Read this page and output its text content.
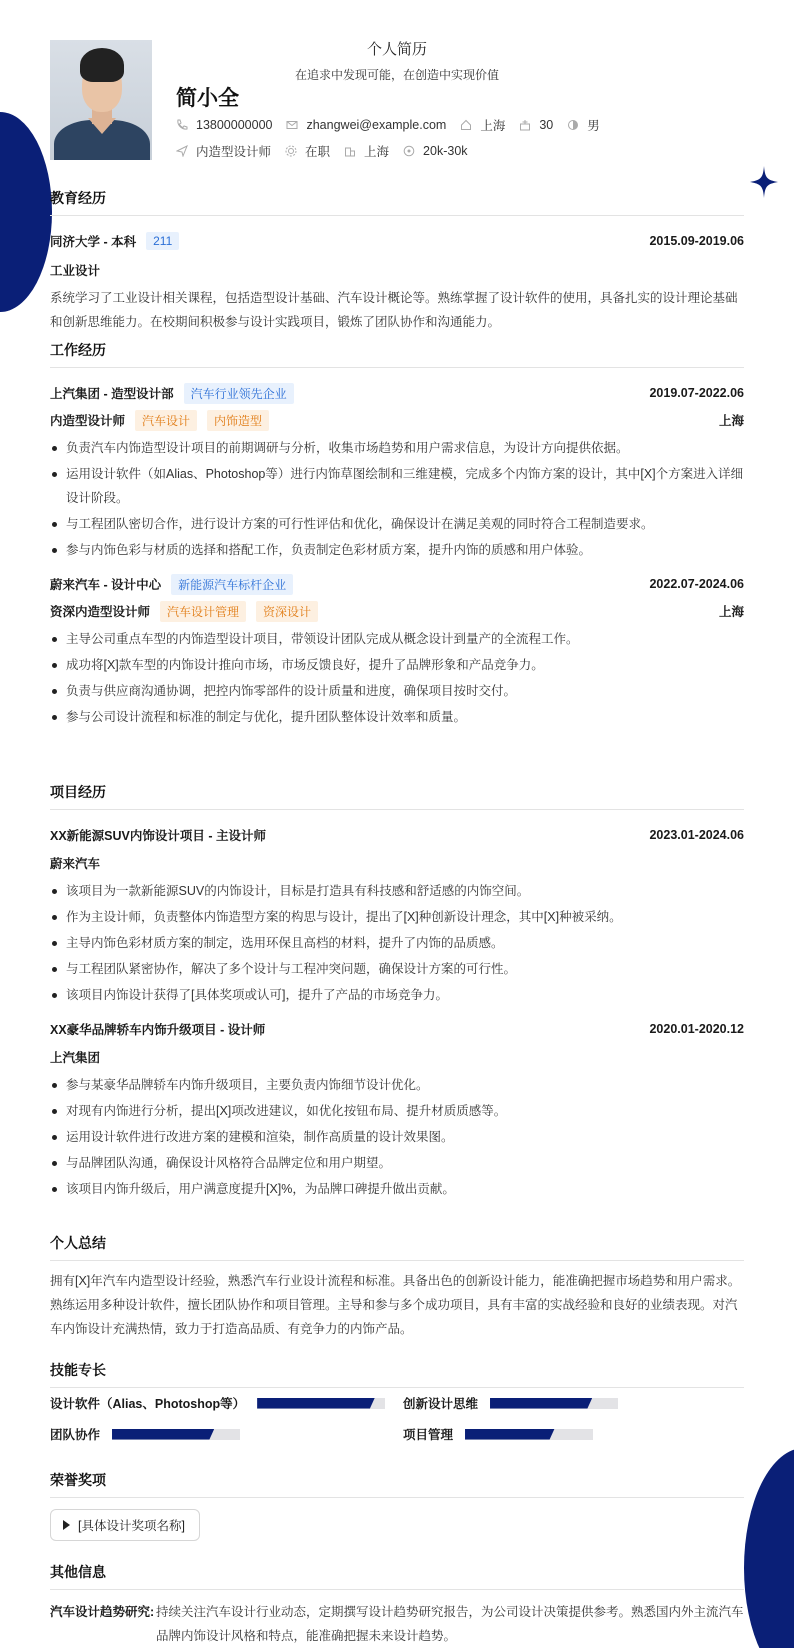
个人简历
在追求中发现可能，在创造中实现价值
简小全
13800000000	zhangwei@example.com	上海	30	男
内造型设计师	在职	上海	20k-30k
教育经历
同济大学 - 本科	211	2015.09-2019.06
工业设计
系统学习了工业设计相关课程，包括造型设计基础、汽车设计概论等。熟练掌握了设计软件的使用，具备扎实的设计理论基础和创新思维能力。在校期间积极参与设计实践项目，锻炼了团队协作和沟通能力。
工作经历
上汽集团 - 造型设计部	汽车行业领先企业	2019.07-2022.06
内造型设计师	汽车设计	内饰造型	上海
负责汽车内饰造型设计项目的前期调研与分析，收集市场趋势和用户需求信息，为设计方向提供依据。
运用设计软件（如Alias、Photoshop等）进行内饰草图绘制和三维建模，完成多个内饰方案的设计，其中[X]个方案进入详细设计阶段。
与工程团队密切合作，进行设计方案的可行性评估和优化，确保设计在满足美观的同时符合工程制造要求。
参与内饰色彩与材质的选择和搭配工作，负责制定色彩材质方案，提升内饰的质感和用户体验。
蔚来汽车 - 设计中心	新能源汽车标杆企业	2022.07-2024.06
资深内造型设计师	汽车设计管理	资深设计	上海
主导公司重点车型的内饰造型设计项目，带领设计团队完成从概念设计到量产的全流程工作。
成功将[X]款车型的内饰设计推向市场，市场反馈良好，提升了品牌形象和产品竞争力。
负责与供应商沟通协调，把控内饰零部件的设计质量和进度，确保项目按时交付。
参与公司设计流程和标准的制定与优化，提升团队整体设计效率和质量。
项目经历
XX新能源SUV内饰设计项目 - 主设计师	2023.01-2024.06
蔚来汽车
该项目为一款新能源SUV的内饰设计，目标是打造具有科技感和舒适感的内饰空间。
作为主设计师，负责整体内饰造型方案的构思与设计，提出了[X]种创新设计理念，其中[X]种被采纳。
主导内饰色彩材质方案的制定，选用环保且高档的材料，提升了内饰的品质感。
与工程团队紧密协作，解决了多个设计与工程冲突问题，确保设计方案的可行性。
该项目内饰设计获得了[具体奖项或认可]，提升了产品的市场竞争力。
XX豪华品牌轿车内饰升级项目 - 设计师	2020.01-2020.12
上汽集团
参与某豪华品牌轿车内饰升级项目，主要负责内饰细节设计优化。
对现有内饰进行分析，提出[X]项改进建议，如优化按钮布局、提升材质质感等。
运用设计软件进行改进方案的建模和渲染，制作高质量的设计效果图。
与品牌团队沟通，确保设计风格符合品牌定位和用户期望。
该项目内饰升级后，用户满意度提升[X]%，为品牌口碑提升做出贡献。
个人总结
拥有[X]年汽车内造型设计经验，熟悉汽车行业设计流程和标准。具备出色的创新设计能力，能准确把握市场趋势和用户需求。熟练运用多种设计软件，擅长团队协作和项目管理。主导和参与多个成功项目，具有丰富的实战经验和良好的业绩表现。对汽车内饰设计充满热情，致力于打造高品质、有竞争力的内饰产品。
技能专长
设计软件（Alias、Photoshop等）	创新设计思维
团队协作	项目管理
荣誉奖项
[具体设计奖项名称]
其他信息
汽车设计趋势研究: 持续关注汽车设计行业动态，定期撰写设计趋势研究报告，为公司设计决策提供参考。熟悉国内外主流汽车品牌内饰设计风格和特点，能准确把握未来设计趋势。
